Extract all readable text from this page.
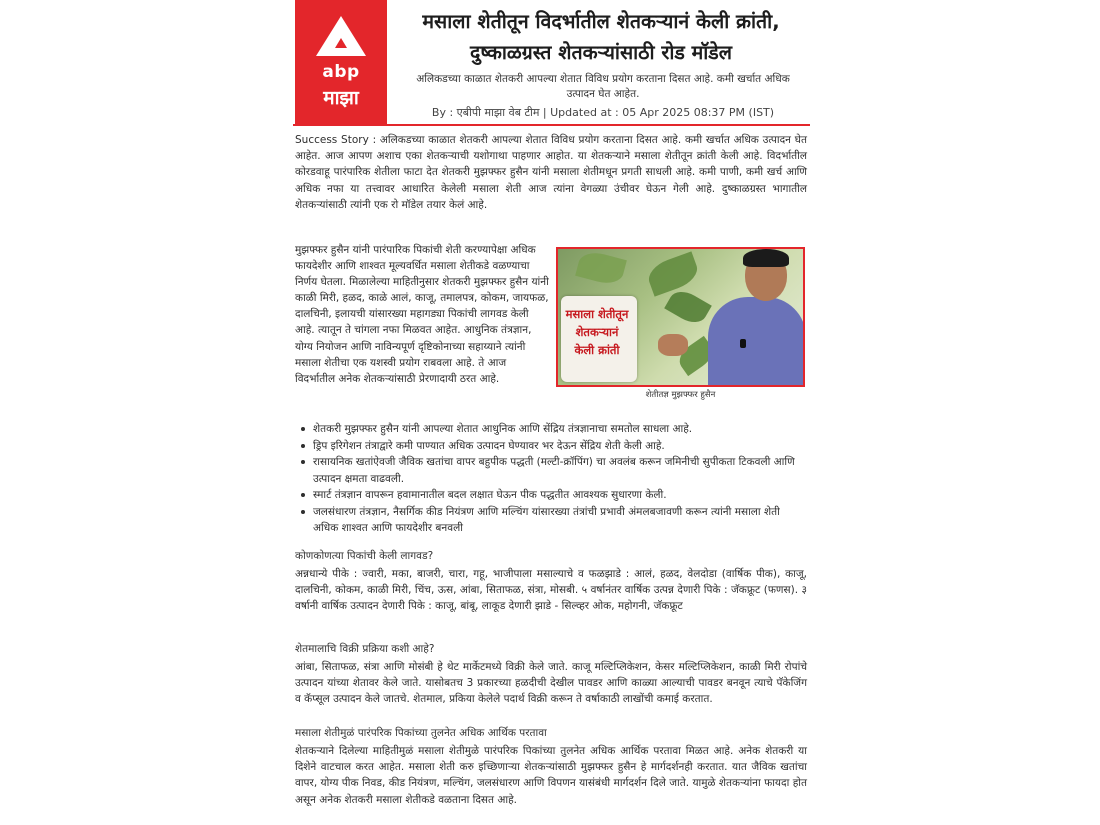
abp
माझा
मसाला शेतीतून विदर्भातील शेतकऱ्यानं केली क्रांती, दुष्काळग्रस्त शेतकऱ्यांसाठी रोड मॉडेल
अलिकडच्या काळात शेतकरी आपल्या शेतात विविध प्रयोग करताना दिसत आहे. कमी खर्चात अधिक उत्पादन घेत आहेत.
By : एबीपी माझा वेब टीम | Updated at : 05 Apr 2025 08:37 PM (IST)
Success Story : अलिकडच्या काळात शेतकरी आपल्या शेतात विविध प्रयोग करताना दिसत आहे. कमी खर्चात अधिक उत्पादन घेत आहेत. आज आपण अशाच एका शेतकऱ्याची यशोगाथा पाहणार आहोत. या शेतकऱ्याने मसाला शेतीतून क्रांती केली आहे. विदर्भातील कोरडवाहू पारंपारिक शेतीला फाटा देत शेतकरी मुझफ्फर हुसैन यांनी मसाला शेतीमधून प्रगती साधली आहे. कमी पाणी, कमी खर्च आणि अधिक नफा या तत्त्वावर आधारित केलेली मसाला शेती आज त्यांना वेगळ्या उंचीवर घेऊन गेली आहे. दुष्काळग्रस्त भागातील शेतकऱ्यांसाठी त्यांनी एक रो मॉडेल तयार केलं आहे.
मुझफ्फर हुसैन यांनी पारंपारिक पिकांची शेती करण्यापेक्षा अधिक फायदेशीर आणि शाश्वत मूल्यवर्धित मसाला शेतीकडे वळण्याचा निर्णय घेतला. मिळालेल्या माहितीनुसार शेतकरी मुझफ्फर हुसैन यांनी काळी मिरी, हळद, काळे आलं, काजू, तमालपत्र, कोकम, जायफळ, दालचिनी, इलायची यांसारख्या महागड्या पिकांची लागवड केली आहे. त्यातून ते चांगला नफा मिळवत आहेत. आधुनिक तंत्रज्ञान, योग्य नियोजन आणि नाविन्यपूर्ण दृष्टिकोनाच्या सहाय्याने त्यांनी मसाला शेतीचा एक यशस्वी प्रयोग राबवला आहे. ते आज विदर्भातील अनेक शेतकऱ्यांसाठी प्रेरणादायी ठरत आहे.
मसाला शेतीतून
शेतकऱ्यानं
केली क्रांती
शेतीतज्ञ मुझफ्फर हुसैन
शेतकरी मुझफ्फर हुसैन यांनी आपल्या शेतात आधुनिक आणि सेंद्रिय तंत्रज्ञानाचा समतोल साधला आहे.
ड्रिप इरिगेशन तंत्राद्वारे कमी पाण्यात अधिक उत्पादन घेण्यावर भर देऊन सेंद्रिय शेती केली आहे.
रासायनिक खतांऐवजी जैविक खतांचा वापर बहुपीक पद्धती (मल्टी-क्रॉपिंग) चा अवलंब करून जमिनीची सुपीकता टिकवली आणि उत्पादन क्षमता वाढवली.
स्मार्ट तंत्रज्ञान वापरून हवामानातील बदल लक्षात घेऊन पीक पद्धतीत आवश्यक सुधारणा केली.
जलसंधारण तंत्रज्ञान, नैसर्गिक कीड नियंत्रण आणि मल्चिंग यांसारख्या तंत्रांची प्रभावी अंमलबजावणी करून त्यांनी मसाला शेती अधिक शाश्वत आणि फायदेशीर बनवली
कोणकोणत्या पिकांची केली लागवड?
अन्नधान्ये पीके : ज्वारी, मका, बाजरी, चारा, गहू, भाजीपाला मसाल्याचे व फळझाडे : आलं, हळद, वेलदोडा (वार्षिक पीक), काजू, दालचिनी, कोकम, काळी मिरी, चिंच, ऊस, आंबा, सिताफळ, संत्रा, मोसबी. ५ वर्षानंतर वार्षिक उत्पन्न देणारी पिके : जॅकफ्रूट (फणस). ३ वर्षानी वार्षिक उत्पादन देणारी पिके : काजू, बांबू, लाकूड देणारी झाडे - सिल्व्हर ओक, महोगनी, जॅकफ्रूट
शेतमालाचि विक्री प्रक्रिया कशी आहे?
आंबा, सिताफळ, संत्रा आणि मोसंबी हे थेट मार्केटमध्ये विक्री केले जाते. काजू मल्टिप्लिकेशन, केसर मल्टिप्लिकेशन, काळी मिरी रोपांचे उत्पादन यांच्या शेतावर केले जाते. यासोबतच 3 प्रकारच्या हळदीची देखील पावडर आणि काळ्या आल्याची पावडर बनवून त्याचे पॅकेजिंग व कॅप्सूल उत्पादन केले जातचे. शेतमाल, प्रकिया केलेले पदार्थ विक्री करून ते वर्षाकाठी लाखोंची कमाई करतात.
मसाला शेतीमुळं पारंपरिक पिकांच्या तुलनेत अधिक आर्थिक परतावा
शेतकऱ्याने दिलेल्या माहितीमुळं मसाला शेतीमुळे पारंपरिक पिकांच्या तुलनेत अधिक आर्थिक परतावा मिळत आहे. अनेक शेतकरी या दिशेने वाटचाल करत आहेत. मसाला शेती करु इच्छिणाऱ्या शेतकऱ्यांसाठी मुझफ्फर हुसैन हे मार्गदर्शनही करतात. यात जैविक खतांचा वापर, योग्य पीक निवड, कीड नियंत्रण, मल्चिंग, जलसंधारण आणि विपणन यासंबंधी मार्गदर्शन दिले जाते. यामुळे शेतकऱ्यांना फायदा होत असून अनेक शेतकरी मसाला शेतीकडे वळताना दिसत आहे.
